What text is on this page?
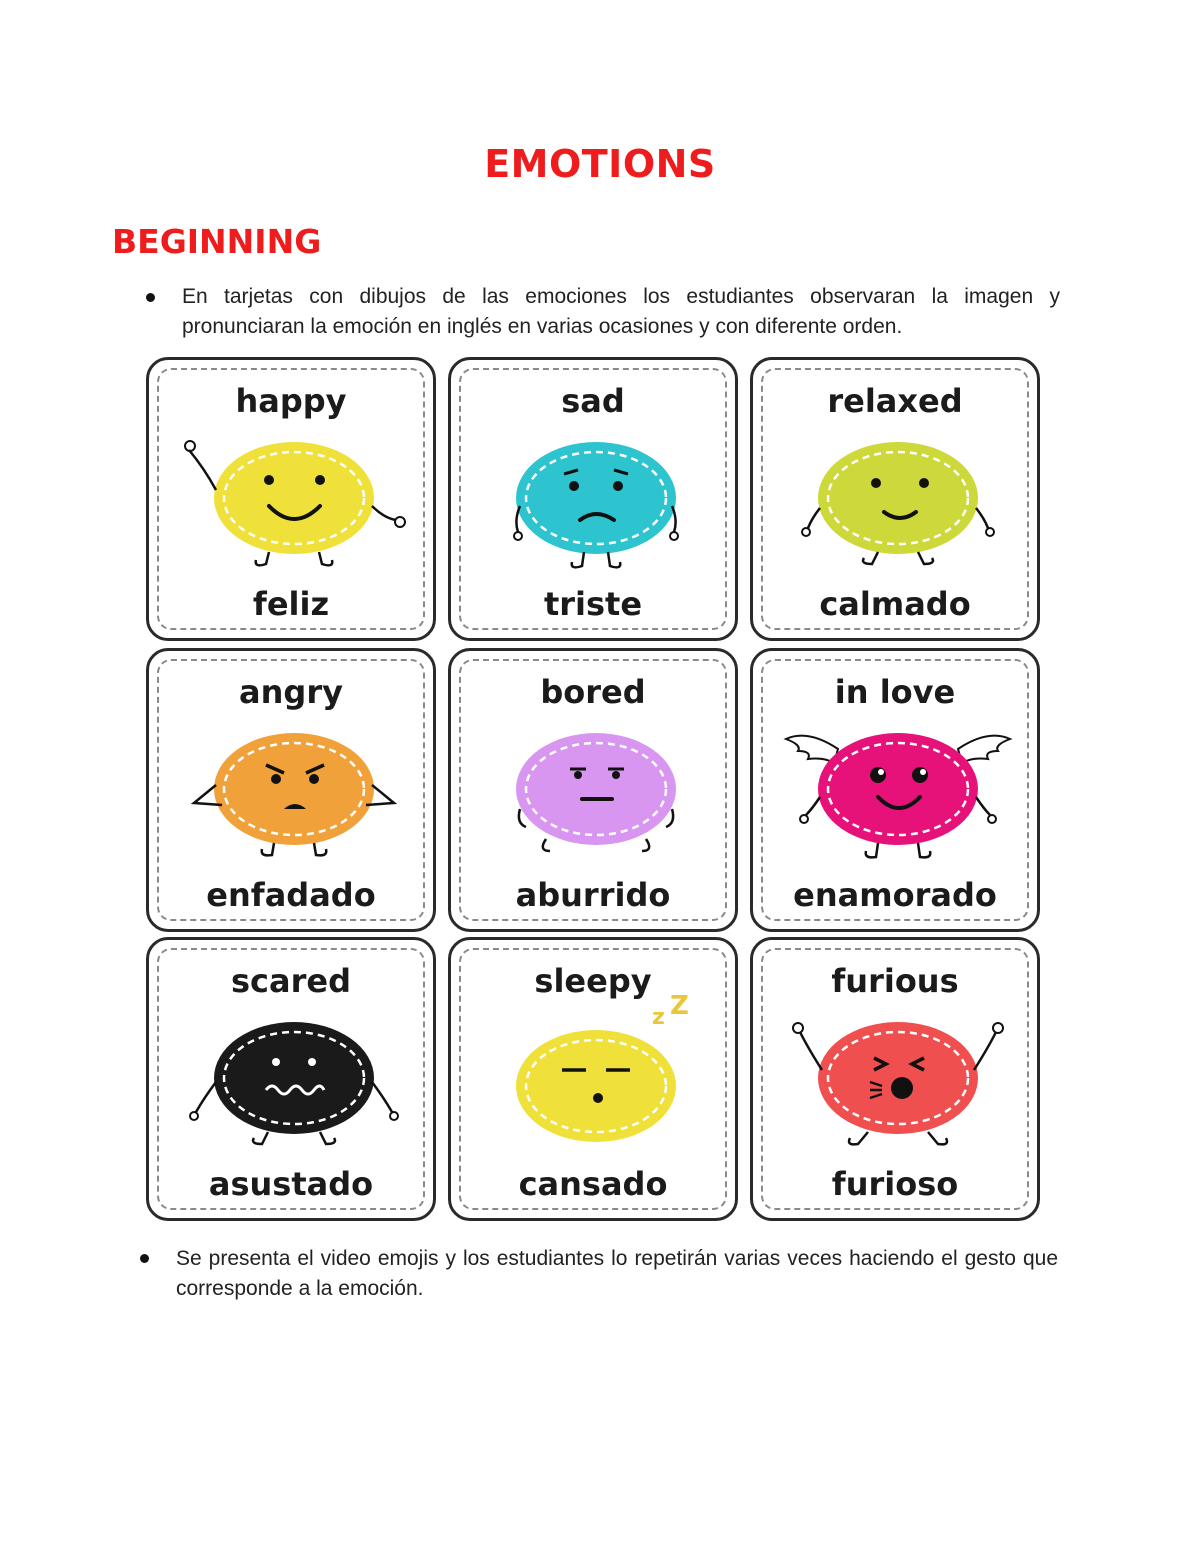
EMOTIONS
BEGINNING
En tarjetas con dibujos de las emociones los estudiantes observaran la imagen y pronunciaran la emoción en inglés en varias ocasiones y con diferente orden.
happy
feliz
sad
triste
relaxed
calmado
angry
enfadado
bored
aburrido
in love
enamorado
scared
asustado
sleepy
z Z
cansado
furious
furioso
Se presenta el video emojis y los estudiantes lo repetirán varias veces haciendo el gesto que corresponde a la emoción.
